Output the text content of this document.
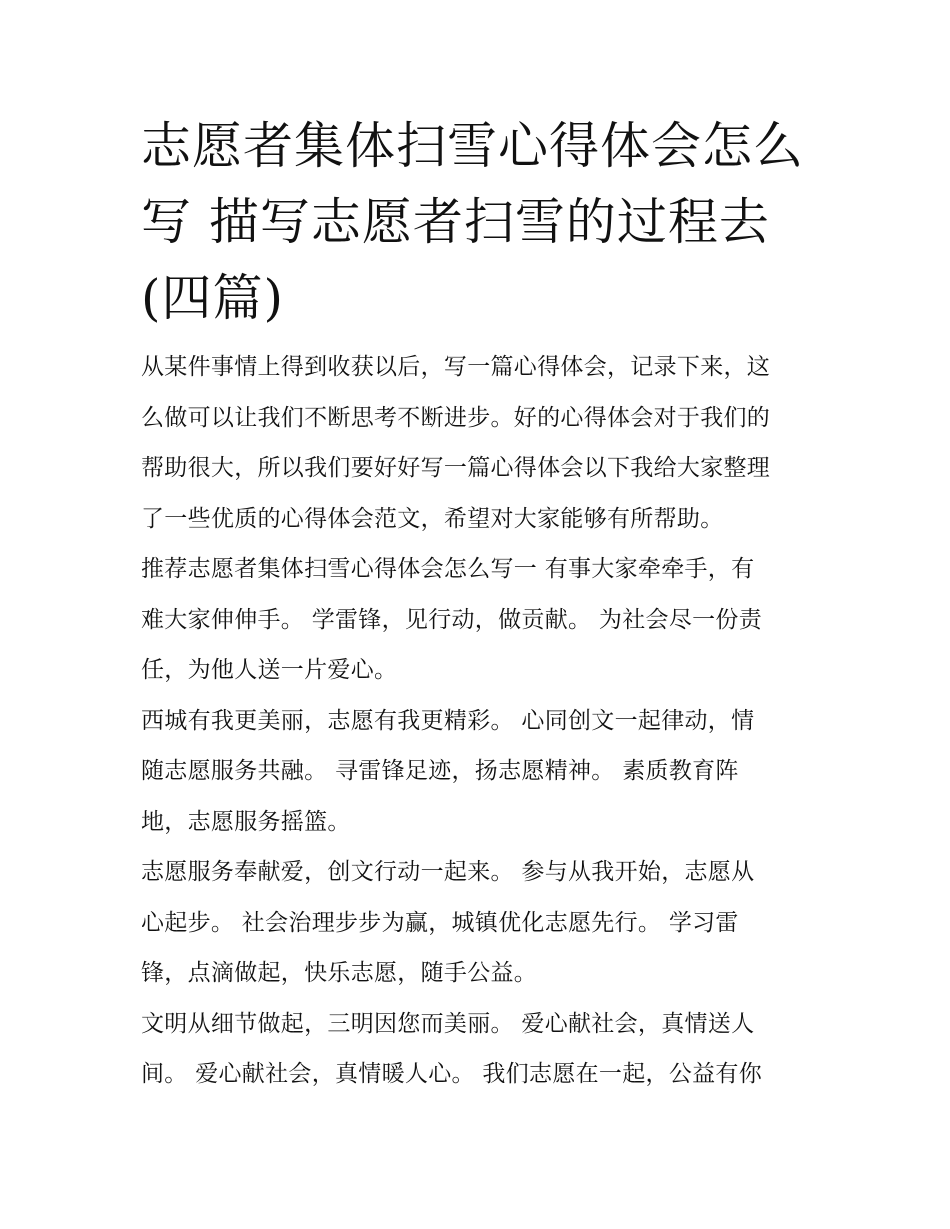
志愿者集体扫雪心得体会怎么
写 描写志愿者扫雪的过程去
(四篇)

从某件事情上得到收获以后，写一篇心得体会，记录下来，这
么做可以让我们不断思考不断进步。好的心得体会对于我们的
帮助很大，所以我们要好好写一篇心得体会以下我给大家整理
了一些优质的心得体会范文，希望对大家能够有所帮助。

推荐志愿者集体扫雪心得体会怎么写一 有事大家牵牵手，有
难大家伸伸手。 学雷锋，见行动，做贡献。 为社会尽一份责
任，为他人送一片爱心。

西城有我更美丽，志愿有我更精彩。 心同创文一起律动，情
随志愿服务共融。 寻雷锋足迹，扬志愿精神。 素质教育阵
地，志愿服务摇篮。

志愿服务奉献爱，创文行动一起来。 参与从我开始，志愿从
心起步。 社会治理步步为赢，城镇优化志愿先行。 学习雷
锋，点滴做起，快乐志愿，随手公益。

文明从细节做起，三明因您而美丽。 爱心献社会，真情送人
间。 爱心献社会，真情暖人心。 我们志愿在一起，公益有你
